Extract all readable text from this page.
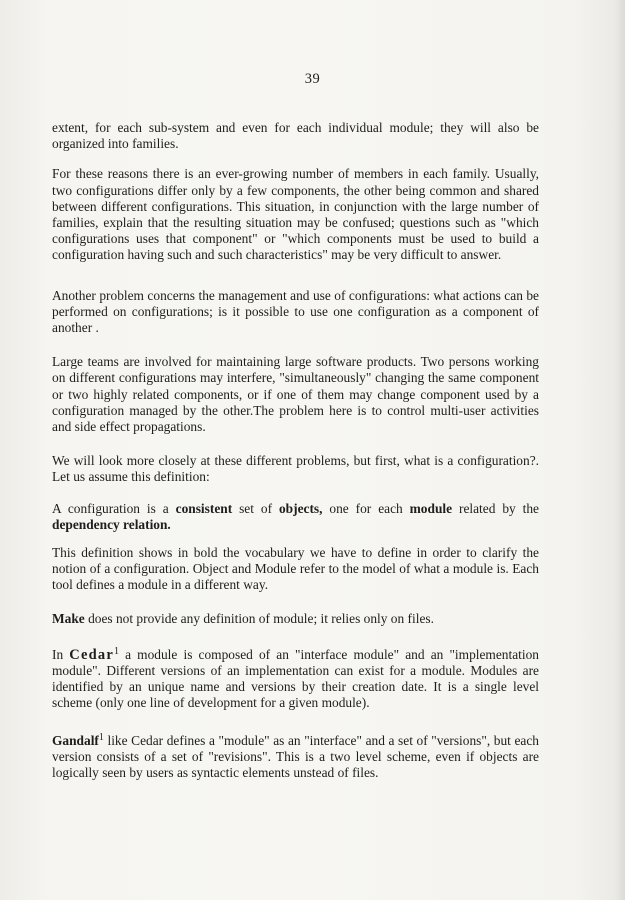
39

extent, for each sub-system and even for each individual module; they will also be organized into families.

For these reasons there is an ever-growing number of members in each family. Usually, two configurations differ only by a few components, the other being common and shared between different configurations. This situation, in conjunction with the large number of families, explain that the resulting situation may be confused; questions such as "which configurations uses that component" or "which components must be used to build a configuration having such and such characteristics" may be very difficult to answer.

Another problem concerns the management and use of configurations: what actions can be performed on configurations; is it possible to use one configuration as a component of another .

Large teams are involved for maintaining large software products. Two persons working on different configurations may interfere, "simultaneously" changing the same component or two highly related components, or if one of them may change component used by a configuration managed by the other.The problem here is to control multi-user activities and side effect propagations.

We will look more closely at these different problems, but first, what is a configuration?. Let us assume this definition:

A configuration is a consistent set of objects, one for each module related by the dependency relation.

This definition shows in bold the vocabulary we have to define in order to clarify the notion of a configuration. Object and Module refer to the model of what a module is. Each tool defines a module in a different way.

Make does not provide any definition of module; it relies only on files.

In Cedar$^1$ a module is composed of an "interface module" and an "implementation module". Different versions of an implementation can exist for a module. Modules are identified by an unique name and versions by their creation date. It is a single level scheme (only one line of development for a given module).

Gandalf$^1$ like Cedar defines a "module" as an "interface" and a set of "versions", but each version consists of a set of "revisions". This is a two level scheme, even if objects are logically seen by users as syntactic elements unstead of files.
